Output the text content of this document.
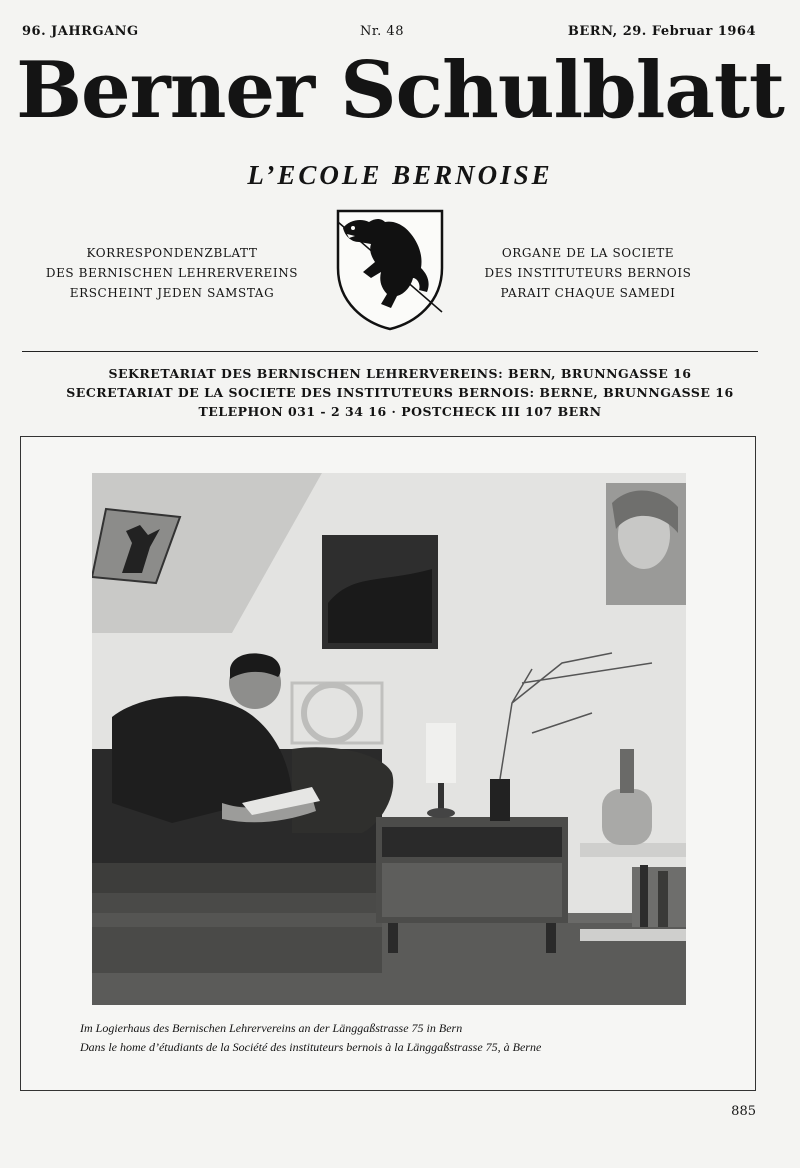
96. JAHRGANG	Nr. 48	BERN, 29. Februar 1964
Berner Schulblatt
L’ECOLE BERNOISE
KORRESPONDENZBLATT
DES BERNISCHEN LEHRERVEREINS
ERSCHEINT JEDEN SAMSTAG
ORGANE DE LA SOCIETE
DES INSTITUTEURS BERNOIS
PARAIT CHAQUE SAMEDI
SEKRETARIAT DES BERNISCHEN LEHRERVEREINS: BERN, BRUNNGASSE 16
SECRETARIAT DE LA SOCIETE DES INSTITUTEURS BERNOIS: BERNE, BRUNNGASSE 16
TELEPHON 031 - 2 34 16 · POSTCHECK III 107 BERN
Im Logierhaus des Bernischen Lehrervereins an der Länggaßstrasse 75 in Bern
Dans le home d’étudiants de la Société des instituteurs bernois à la Länggaßstrasse 75, à Berne
885
